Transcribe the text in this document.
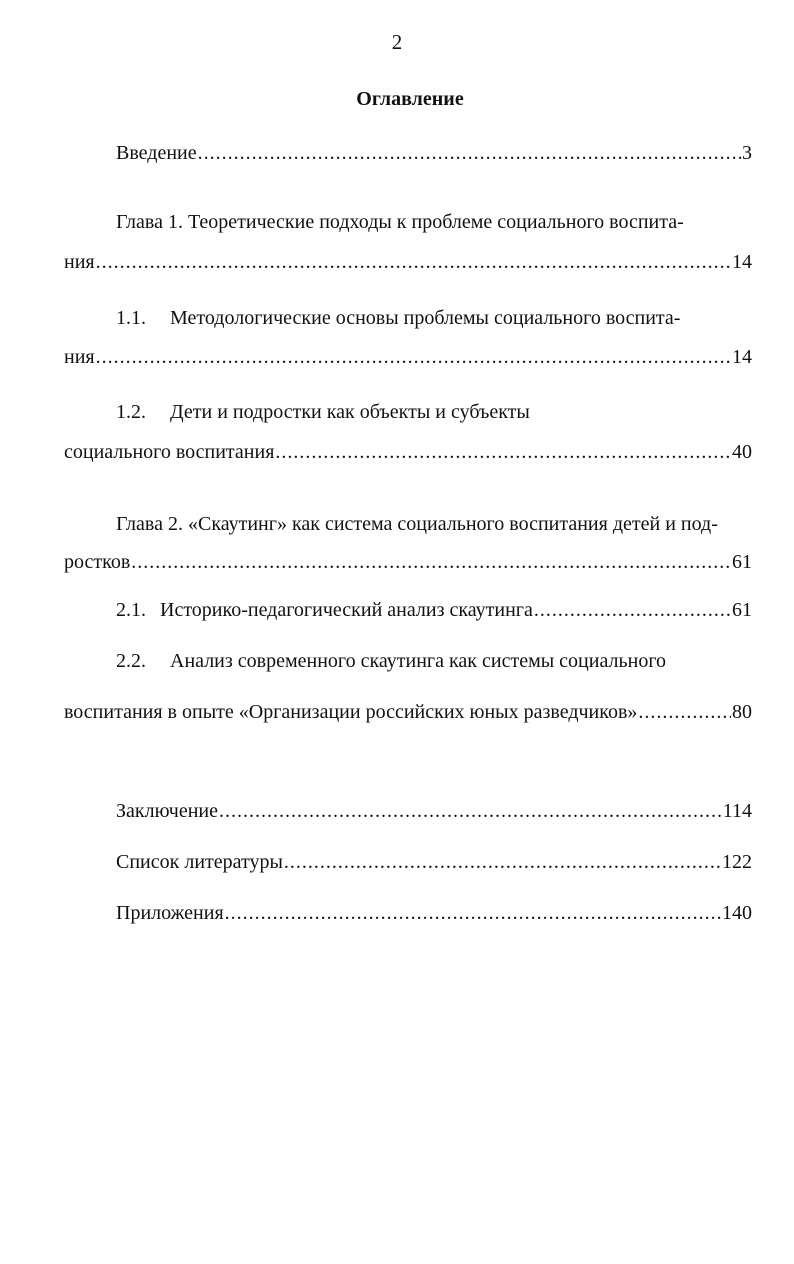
2
Оглавление
Введение .....	3
Глава 1. Теоретические подходы к проблеме социального воспита-
ния .....	14
1.1. Методологические основы проблемы социального воспита-
ния .....	14
1.2. Дети и подростки как объекты и субъекты
социального воспитания .....	40
Глава 2. «Скаутинг» как система социального воспитания детей и под-
ростков .....	61
2.1. Историко-педагогический анализ скаутинга .....	61
2.2. Анализ современного скаутинга как системы социального
воспитания в опыте «Организации российских юных разведчиков» .....	80
Заключение .....	114
Список литературы .....	122
Приложения .....	140
